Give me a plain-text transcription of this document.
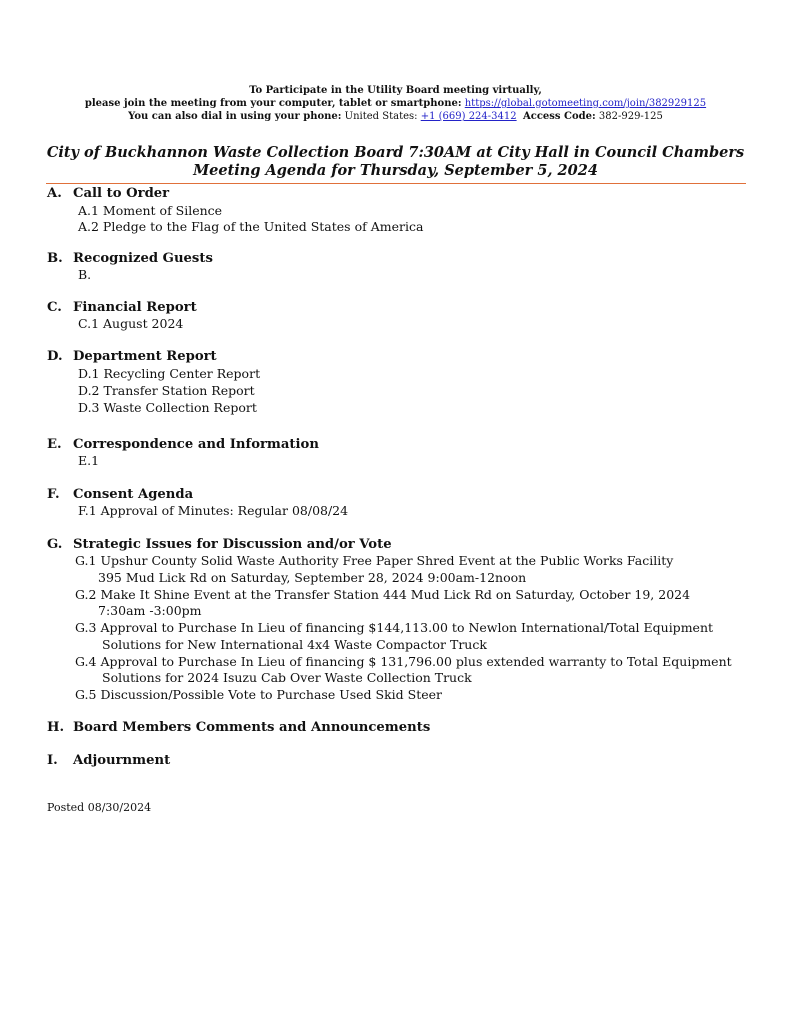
To Participate in the Utility Board meeting virtually,
please join the meeting from your computer, tablet or smartphone: https://global.gotomeeting.com/join/382929125
You can also dial in using your phone: United States: +1 (669) 224-3412 Access Code: 382-929-125
City of Buckhannon Waste Collection Board 7:30AM at City Hall in Council Chambers
Meeting Agenda for Thursday, September 5, 2024
A. Call to Order
A.1 Moment of Silence
A.2 Pledge to the Flag of the United States of America
B. Recognized Guests
B.
C. Financial Report
C.1 August 2024
D. Department Report
D.1 Recycling Center Report
D.2 Transfer Station Report
D.3 Waste Collection Report
E. Correspondence and Information
E.1
F. Consent Agenda
F.1 Approval of Minutes: Regular 08/08/24
G. Strategic Issues for Discussion and/or Vote
G.1 Upshur County Solid Waste Authority Free Paper Shred Event at the Public Works Facility
395 Mud Lick Rd on Saturday, September 28, 2024 9:00am-12noon
G.2 Make It Shine Event at the Transfer Station 444 Mud Lick Rd on Saturday, October 19, 2024
7:30am -3:00pm
G.3 Approval to Purchase In Lieu of financing $144,113.00 to Newlon International/Total Equipment
Solutions for New International 4x4 Waste Compactor Truck
G.4 Approval to Purchase In Lieu of financing $ 131,796.00 plus extended warranty to Total Equipment
Solutions for 2024 Isuzu Cab Over Waste Collection Truck
G.5 Discussion/Possible Vote to Purchase Used Skid Steer
H. Board Members Comments and Announcements
I. Adjournment
Posted 08/30/2024
